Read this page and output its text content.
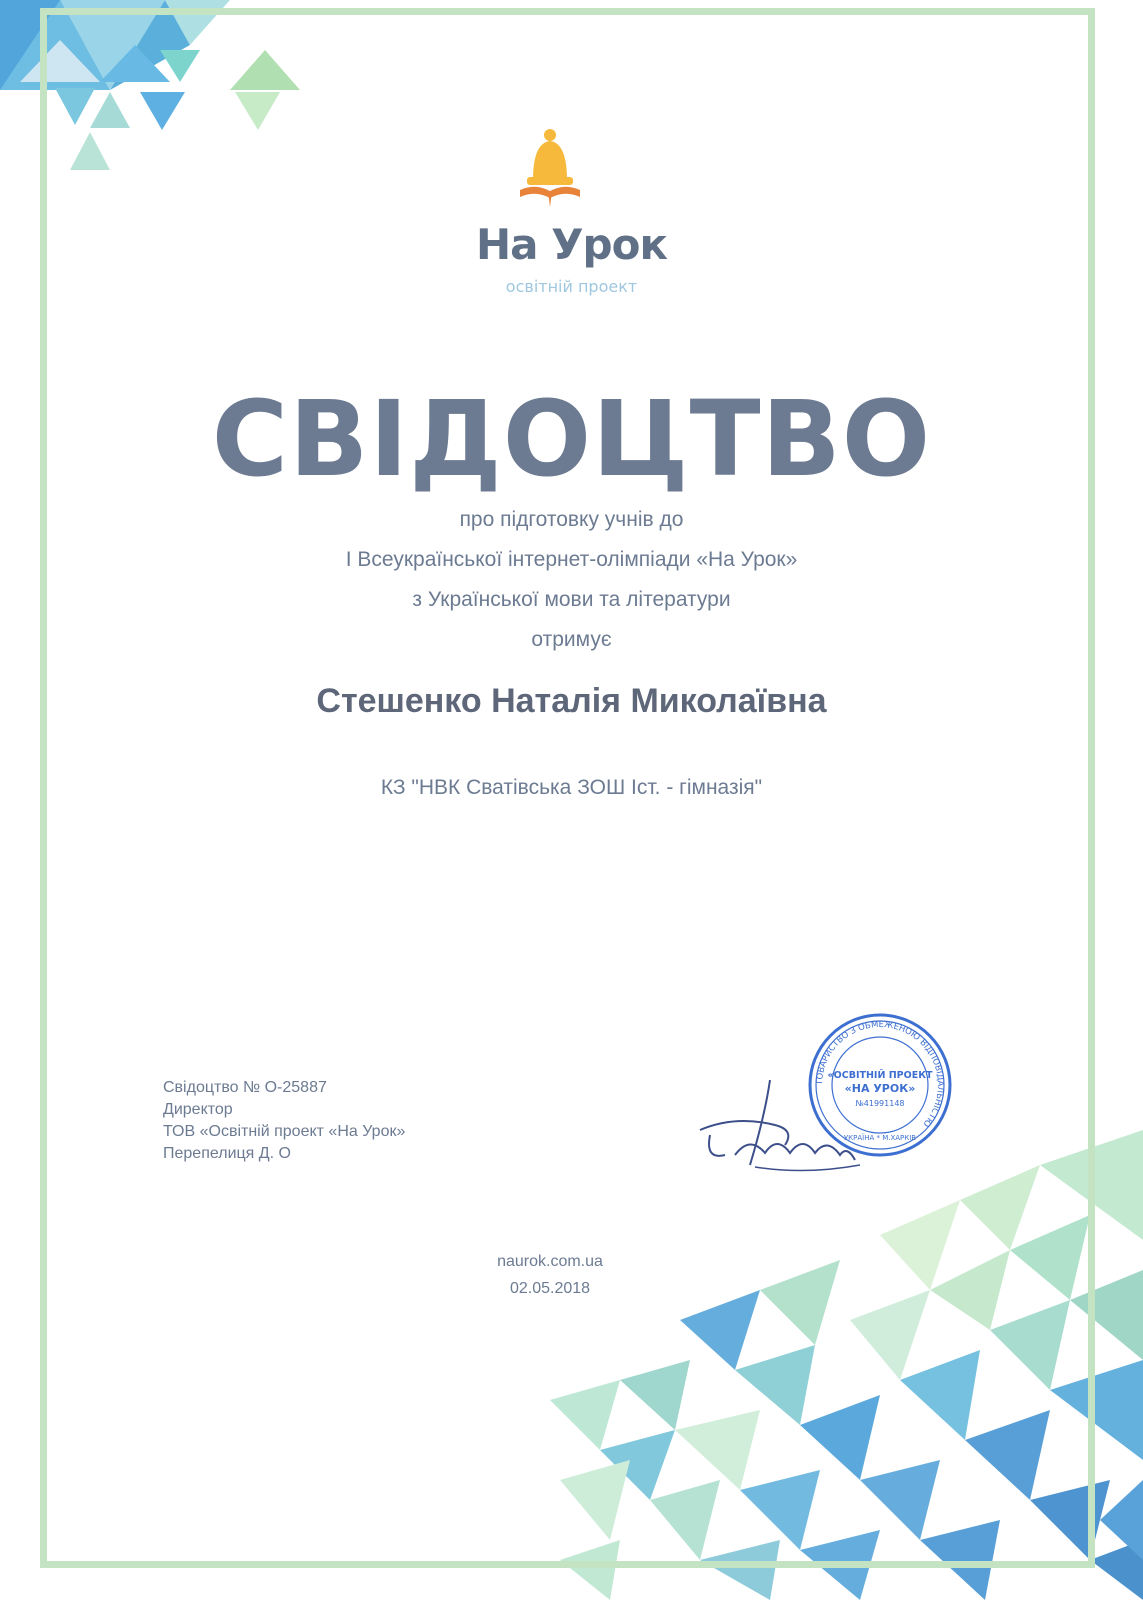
На Урок
освітній проект
СВІДОЦТВО
про підготовку учнів до
I Всеукраїнської інтернет-олімпіади «На Урок»
з Української мови та літератури
отримує
Стешенко Наталія Миколаївна
КЗ "НВК Сватівська ЗОШ Іст. - гімназія"
Свідоцтво № О-25887
Директор
ТОВ «Освітній проект «На Урок»
Перепелиця Д. О
ТОВАРИСТВО З ОБМЕЖЕНОЮ ВІДПОВІДАЛЬНІСТЮ
«ОСВІТНІЙ ПРОЕКТ
«НА УРОК»
№41991148
УКРАЇНА * М.ХАРКІВ
naurok.com.ua
02.05.2018
